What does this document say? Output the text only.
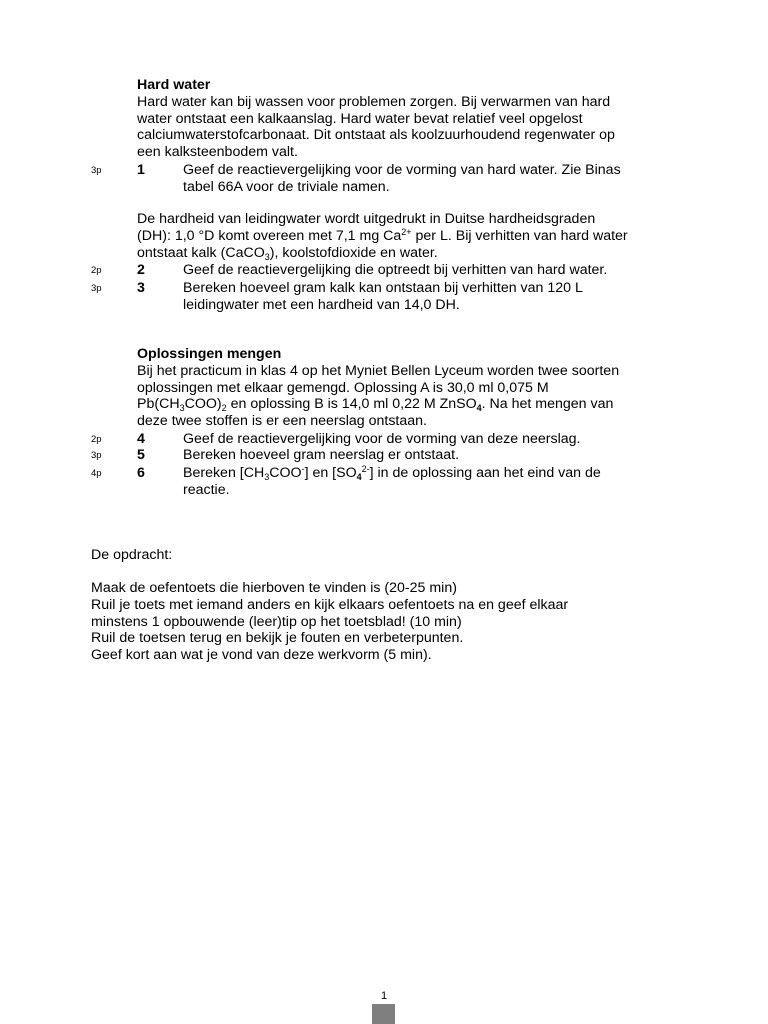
Hard water

Hard water kan bij wassen voor problemen zorgen. Bij verwarmen van hard

water ontstaat een kalkaanslag. Hard water bevat relatief veel opgelost

calciumwaterstofcarbonaat. Dit ontstaat als koolzuurhoudend regenwater op

een kalksteenbodem valt.

3p 1	Geef de reactievergelijking voor de vorming van hard water. Zie Binas
tabel 66A voor de triviale namen.
De hardheid van leidingwater wordt uitgedrukt in Duitse hardheidsgraden
(DH): 1,0 °D komt overeen met 7,1 mg $Ca^{2+}$ per L. Bij verhitten van hard water
ontstaat kalk (CaCO$_3$), koolstofdioxide en water.
2p 2	Geef de reactievergelijking die optreedt bij verhitten van hard water.
3p 3	Bereken hoeveel gram kalk kan ontstaan bij verhitten van 120 L
leidingwater met een hardheid van 14,0 DH.
Oplossingen mengen
Bij het practicum in klas 4 op het Myniet Bellen Lyceum worden twee soorten
oplossingen met elkaar gemengd. Oplossing A is 30,0 ml 0,075 M
$Pb(CH_3COO)_2$ en oplossing B is 14,0 ml 0,22 M ZnSO$_4$. Na het mengen van
deze twee stoffen is er een neerslag ontstaan.
2p 4	Geef de reactievergelijking voor de vorming van deze neerslag.
3p 5	Bereken hoeveel gram neerslag er ontstaat.
4p 6	Bereken $[CH_3COO^-]$ en $[SO_4^{2-}]$ in de oplossing aan het eind van de
reactie.

De opdracht:

Maak de oefentoets die hierboven te vinden is (20-25 min)

Ruil je toets met iemand anders en kijk elkaars oefentoets na en geef elkaar

minstens 1 opbouwende (leer)tip op het toetsblad! (10 min)

Ruil de toetsen terug en bekijk je fouten en verbeterpunten.

Geef kort aan wat je vond van deze werkvorm (5 min).

1
